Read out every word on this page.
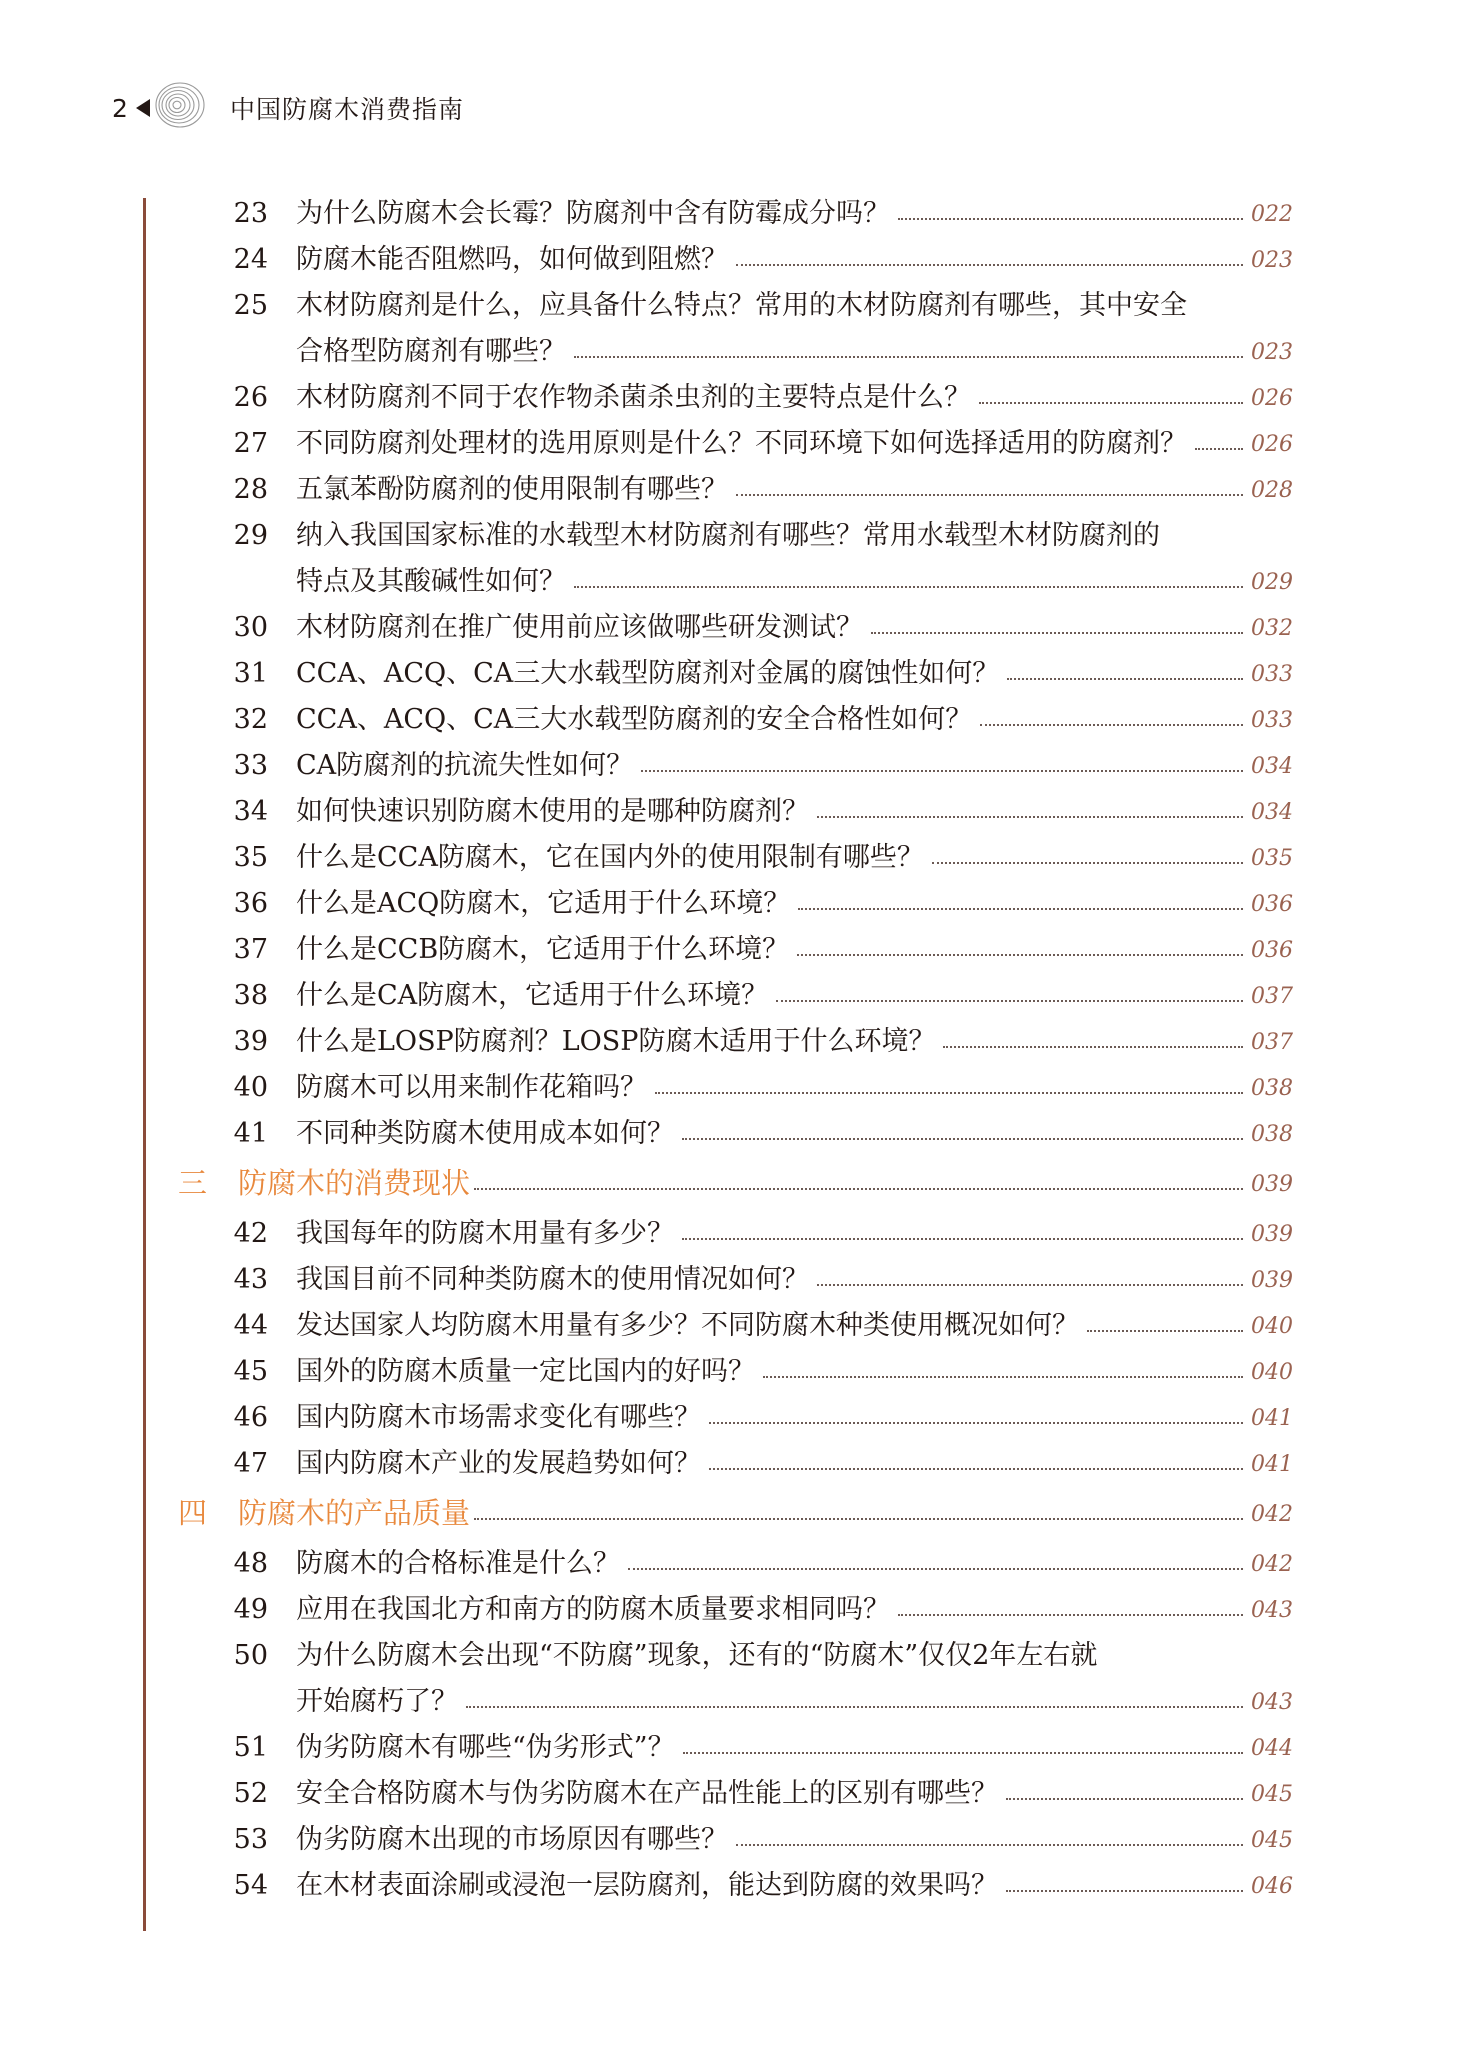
2	中国防腐木消费指南
23 为什么防腐木会长霉？防腐剂中含有防霉成分吗？	022
24 防腐木能否阻燃吗，如何做到阻燃？	023
25 木材防腐剂是什么，应具备什么特点？常用的木材防腐剂有哪些，其中安全
合格型防腐剂有哪些？	023
26 木材防腐剂不同于农作物杀菌杀虫剂的主要特点是什么？	026
27 不同防腐剂处理材的选用原则是什么？不同环境下如何选择适用的防腐剂？	026
28 五氯苯酚防腐剂的使用限制有哪些？	028
29 纳入我国国家标准的水载型木材防腐剂有哪些？常用水载型木材防腐剂的
特点及其酸碱性如何？	029
30 木材防腐剂在推广使用前应该做哪些研发测试？	032
31 CCA、ACQ、CA三大水载型防腐剂对金属的腐蚀性如何？	033
32 CCA、ACQ、CA三大水载型防腐剂的安全合格性如何？	033
33 CA防腐剂的抗流失性如何？	034
34 如何快速识别防腐木使用的是哪种防腐剂？	034
35 什么是CCA防腐木，它在国内外的使用限制有哪些？	035
36 什么是ACQ防腐木，它适用于什么环境？	036
37 什么是CCB防腐木，它适用于什么环境？	036
38 什么是CA防腐木，它适用于什么环境？	037
39 什么是LOSP防腐剂？LOSP防腐木适用于什么环境？	037
40 防腐木可以用来制作花箱吗？	038
41 不同种类防腐木使用成本如何？	038
三 防腐木的消费现状	039
42 我国每年的防腐木用量有多少？	039
43 我国目前不同种类防腐木的使用情况如何？	039
44 发达国家人均防腐木用量有多少？不同防腐木种类使用概况如何？	040
45 国外的防腐木质量一定比国内的好吗？	040
46 国内防腐木市场需求变化有哪些？	041
47 国内防腐木产业的发展趋势如何？	041
四 防腐木的产品质量	042
48 防腐木的合格标准是什么？	042
49 应用在我国北方和南方的防腐木质量要求相同吗？	043
50 为什么防腐木会出现“不防腐”现象，还有的“防腐木”仅仅2年左右就
开始腐朽了？	043
51 伪劣防腐木有哪些“伪劣形式”？	044
52 安全合格防腐木与伪劣防腐木在产品性能上的区别有哪些？	045
53 伪劣防腐木出现的市场原因有哪些？	045
54 在木材表面涂刷或浸泡一层防腐剂，能达到防腐的效果吗？	046
